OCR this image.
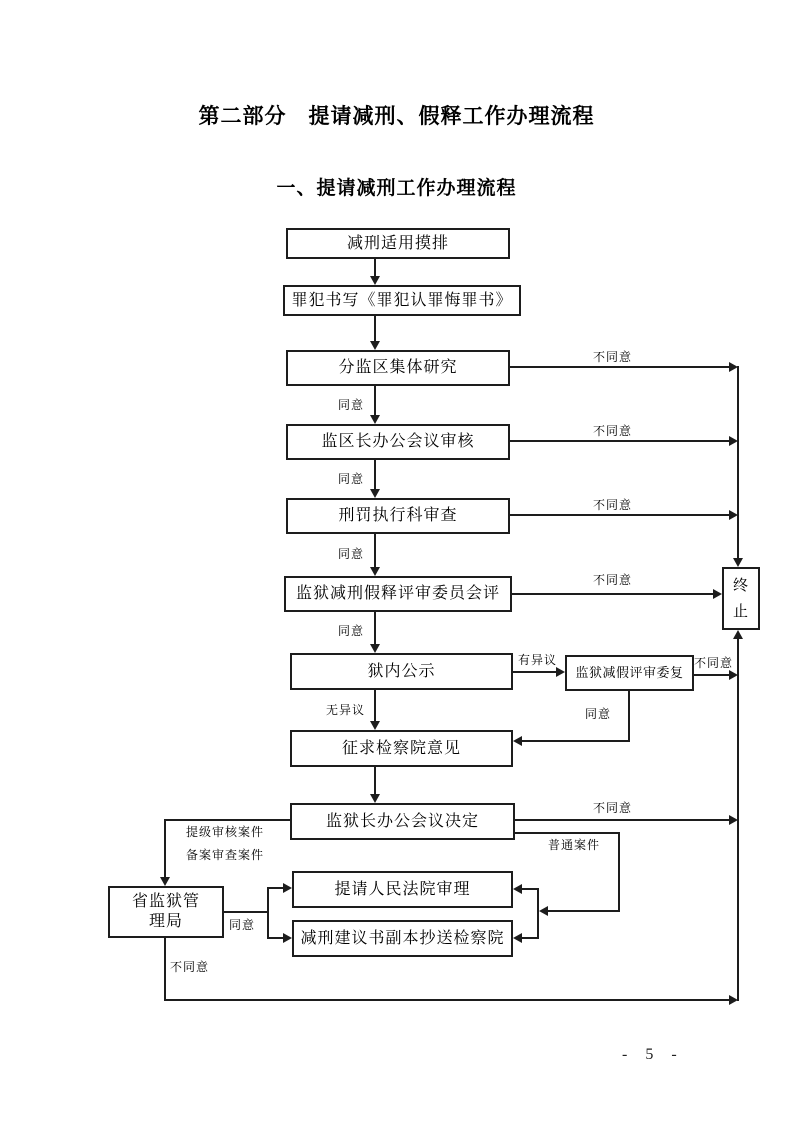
第二部分　提请减刑、假释工作办理流程
一、提请减刑工作办理流程
减刑适用摸排
罪犯书写《罪犯认罪悔罪书》
分监区集体研究
监区长办公会议审核
刑罚执行科审查
监狱减刑假释评审委员会评
狱内公示	监狱减假评审委复
征求检察院意见
监狱长办公会议决定
省监狱管理局
提请人民法院审理
减刑建议书副本抄送检察院
终止
同意
同意
同意
同意
无异议
不同意
不同意
不同意
不同意
不同意
有异议	不同意
同意
提级审核案件
备案审查案件
同意
普通案件
不同意
- 5 -
